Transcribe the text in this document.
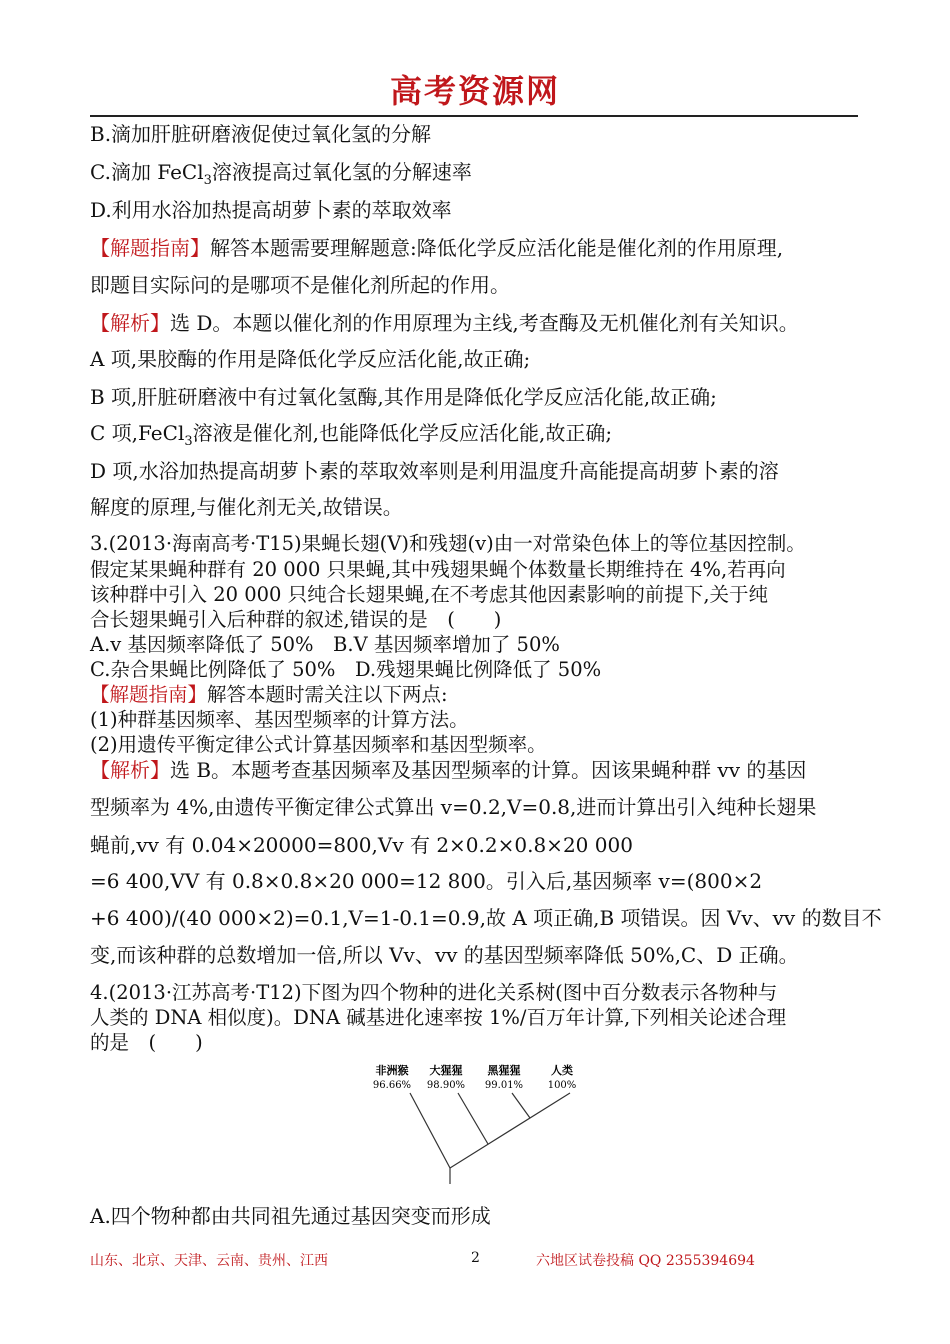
高考资源网
B.滴加肝脏研磨液促使过氧化氢的分解
C.滴加 FeCl$_3$溶液提高过氧化氢的分解速率
D.利用水浴加热提高胡萝卜素的萃取效率
【解题指南】解答本题需要理解题意:降低化学反应活化能是催化剂的作用原理,
即题目实际问的是哪项不是催化剂所起的作用。
【解析】选 D。本题以催化剂的作用原理为主线,考查酶及无机催化剂有关知识。
A 项,果胶酶的作用是降低化学反应活化能,故正确;
B 项,肝脏研磨液中有过氧化氢酶,其作用是降低化学反应活化能,故正确;
C 项,FeCl$_3$溶液是催化剂,也能降低化学反应活化能,故正确;
D 项,水浴加热提高胡萝卜素的萃取效率则是利用温度升高能提高胡萝卜素的溶
解度的原理,与催化剂无关,故错误。
3.(2013·海南高考·T15)果蝇长翅(V)和残翅(v)由一对常染色体上的等位基因控制。
假定某果蝇种群有 20 000 只果蝇,其中残翅果蝇个体数量长期维持在 4%,若再向
该种群中引入 20 000 只纯合长翅果蝇,在不考虑其他因素影响的前提下,关于纯
合长翅果蝇引入后种群的叙述,错误的是　(　　)
A.v 基因频率降低了 50%　B.V 基因频率增加了 50%
C.杂合果蝇比例降低了 50%　D.残翅果蝇比例降低了 50%
【解题指南】解答本题时需关注以下两点:
(1)种群基因频率、基因型频率的计算方法。
(2)用遗传平衡定律公式计算基因频率和基因型频率。
【解析】选 B。本题考查基因频率及基因型频率的计算。因该果蝇种群 vv 的基因
型频率为 4%,由遗传平衡定律公式算出 v=0.2,V=0.8,进而计算出引入纯种长翅果
蝇前,vv 有 0.04×20000=800,Vv 有 2×0.2×0.8×20 000
=6 400,VV 有 0.8×0.8×20 000=12 800。引入后,基因频率 v=(800×2
+6 400)/(40 000×2)=0.1,V=1-0.1=0.9,故 A 项正确,B 项错误。因 Vv、vv 的数目不
变,而该种群的总数增加一倍,所以 Vv、vv 的基因型频率降低 50%,C、D 正确。
4.(2013·江苏高考·T12)下图为四个物种的进化关系树(图中百分数表示各物种与
人类的 DNA 相似度)。DNA 碱基进化速率按 1%/百万年计算,下列相关论述合理
的是　(　　)
非洲猴
96.66%
大猩猩
98.90%
黑猩猩
99.01%
人类
100%
A.四个物种都由共同祖先通过基因突变而形成
山东、北京、天津、云南、贵州、江西	2	六地区试卷投稿 QQ 2355394694
